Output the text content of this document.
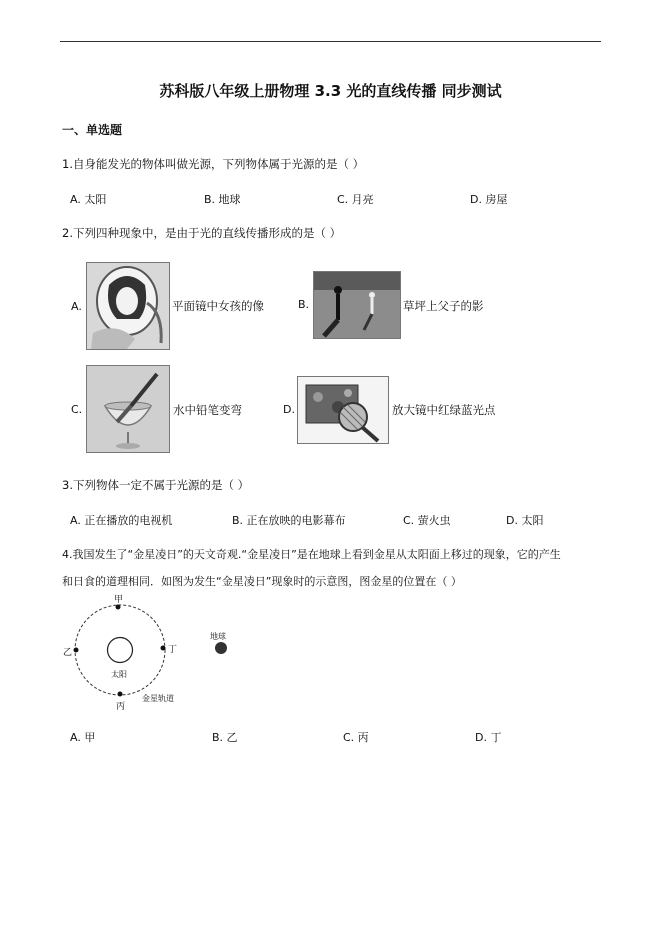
苏科版八年级上册物理 3.3 光的直线传播 同步测试
一、单选题
1.自身能发光的物体叫做光源，下列物体属于光源的是（ ）
A. 太阳	B. 地球	C. 月亮	D. 房屋
2.下列四种现象中，是由于光的直线传播形成的是（ ）
A.	平面镜中女孩的像	B.	草坪上父子的影
C.	水中铅笔变弯	D.	放大镜中红绿蓝光点
3.下列物体一定不属于光源的是（ ）
A. 正在播放的电视机	B. 正在放映的电影幕布	C. 萤火虫	D. 太阳
4.我国发生了“金星凌日”的天文奇观.“金星凌日”是在地球上看到金星从太阳面上移过的现象，它的产生
和日食的道理相同．如图为发生“金星凌日”现象时的示意图，图金星的位置在（ ）
甲
乙	丁
丙
太阳
金星轨道
地球
A. 甲	B. 乙	C. 丙	D. 丁
